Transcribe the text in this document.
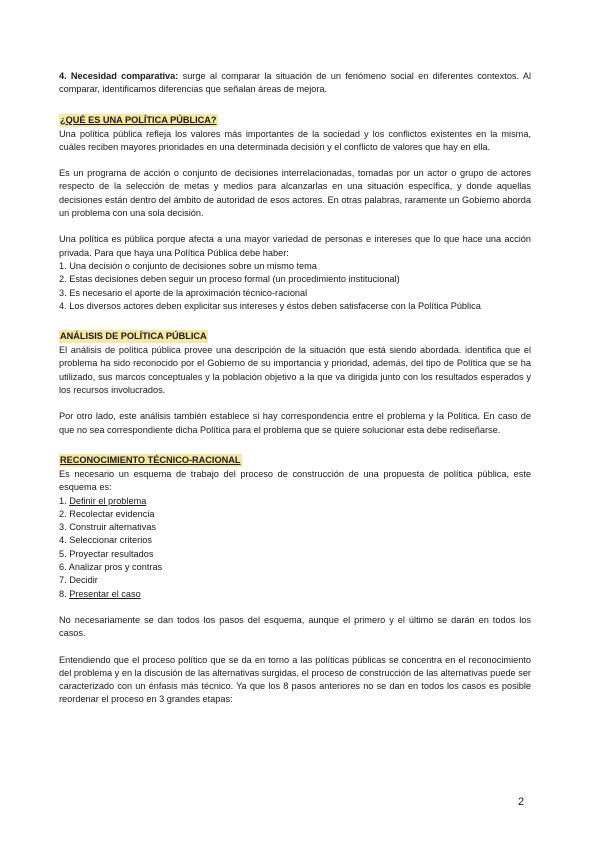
4. Necesidad comparativa: surge al comparar la situación de un fenómeno social en diferentes contextos. Al comparar, identificamos diferencias que señalan áreas de mejora.

¿QUÉ ES UNA POLÍTICA PÚBLICA?

Una política pública refleja los valores más importantes de la sociedad y los conflictos existentes en la misma, cuáles reciben mayores prioridades en una determinada decisión y el conflicto de valores que hay en ella.

Es un programa de acción o conjunto de decisiones interrelacionadas, tomadas por un actor o grupo de actores respecto de la selección de metas y medios para alcanzarlas en una situación específica, y donde aquellas decisiones están dentro del ámbito de autoridad de esos actores. En otras palabras, raramente un Gobierno aborda un problema con una sola decisión.

Una política es pública porque afecta a una mayor variedad de personas e intereses que lo que hace una acción privada. Para que haya una Política Pública debe haber:

1. Una decisión o conjunto de decisiones sobre un mismo tema
2. Estas decisiones deben seguir un proceso formal (un procedimiento institucional)
3. Es necesario el aporte de la aproximación técnico-racional
4. Los diversos actores deben explicitar sus intereses y éstos deben satisfacerse con la Política Pública
ANÁLISIS DE POLÍTICA PÚBLICA

El análisis de política pública provee una descripción de la situación que está siendo abordada. identifica que el problema ha sido reconocido por el Gobierno de su importancia y prioridad, además, del tipo de Política que se ha utilizado, sus marcos conceptuales y la población objetivo a la que va dirigida junto con los resultados esperados y los recursos involucrados.

Por otro lado, este análisis también establece si hay correspondencia entre el problema y la Política. En caso de que no sea correspondiente dicha Política para el problema que se quiere solucionar esta debe rediseñarse.

RECONOCIMIENTO TÉCNICO-RACIONAL

Es necesario un esquema de trabajo del proceso de construcción de una propuesta de política pública, este esquema es:

1. Definir el problema
2. Recolectar evidencia
3. Construir alternativas
4. Seleccionar criterios
5. Proyectar resultados
6. Analizar pros y contras
7. Decidir
8. Presentar el caso

No necesariamente se dan todos los pasos del esquema, aunque el primero y el último se darán en todos los casos.

Entendiendo que el proceso político que se da en torno a las políticas públicas se concentra en el reconocimiento del problema y en la discusión de las alternativas surgidas, el proceso de construcción de las alternativas puede ser caracterizado con un énfasis más técnico. Ya que los 8 pasos anteriores no se dan en todos los casos es posible reordenar el proceso en 3 grandes etapas:

2
